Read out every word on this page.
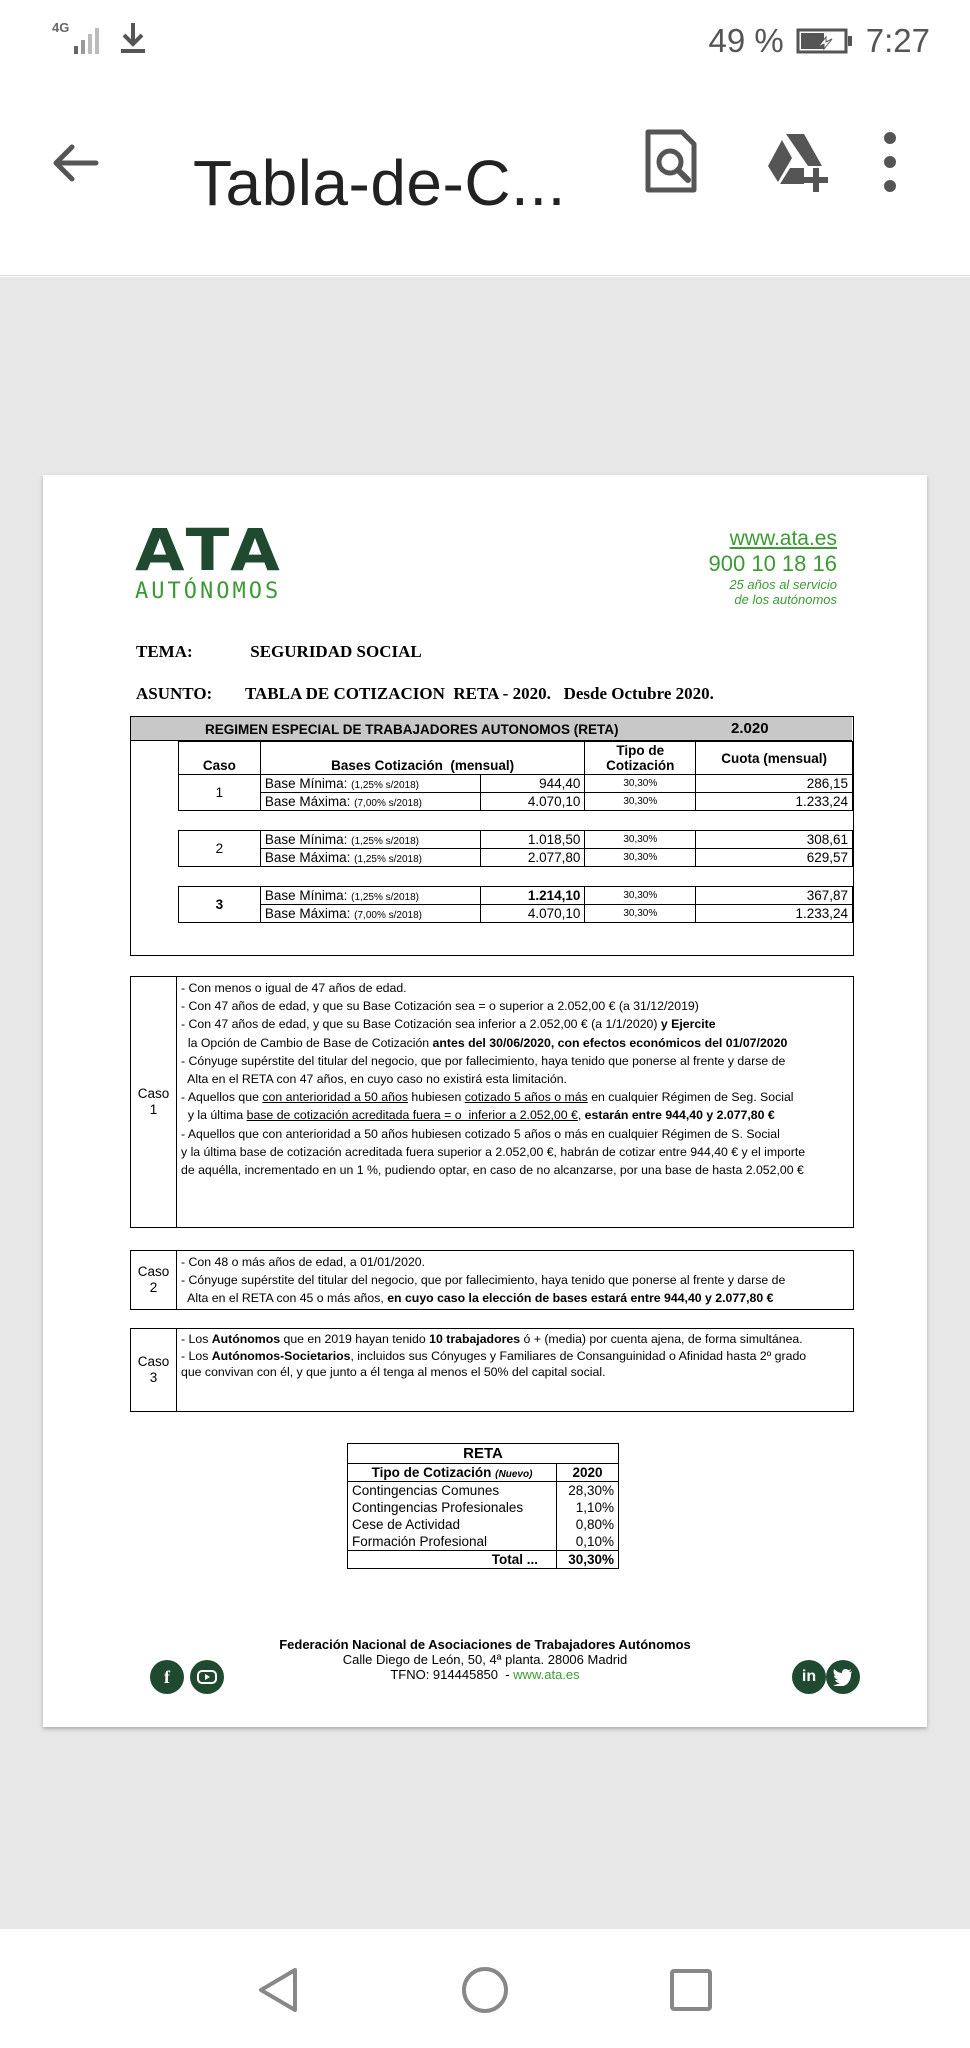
4G	49 % 7:27
Tabla-de-C...
ATA
AUTÓNOMOS
www.ata.es
900 10 18 16
25 años al servicio
de los autónomos
TEMA:	SEGURIDAD SOCIAL
ASUNTO: TABLA DE COTIZACION  RETA - 2020.   Desde Octubre 2020.
REGIMEN ESPECIAL DE TRABAJADORES AUTONOMOS (RETA)	2.020
Caso	Bases Cotización  (mensual)		Tipo de Cotización	Cuota (mensual)
1	Base Mínima: (1,25% s/2018)	944,40	30,30%	286,15
	Base Máxima: (7,00% s/2018)	4.070,10	30,30%	1.233,24

2	Base Mínima: (1,25% s/2018)	1.018,50	30,30%	308,61
	Base Máxima: (1,25% s/2018)	2.077,80	30,30%	629,57

3	Base Mínima: (1,25% s/2018)	1.214,10	30,30%	367,87
	Base Máxima: (7,00% s/2018)	4.070,10	30,30%	1.233,24
Caso 1

- Con menos o igual de 47 años de edad.

- Con 47 años de edad, y que su Base Cotización sea = o superior a 2.052,00 € (a 31/12/2019)

- Con 47 años de edad, y que su Base Cotización sea inferior a 2.052,00 € (a 1/1/2020) y Ejercite

la Opción de Cambio de Base de Cotización antes del 30/06/2020, con efectos económicos del 01/07/2020

- Cónyuge supérstite del titular del negocio, que por fallecimiento, haya tenido que ponerse al frente y darse de

Alta en el RETA con 47 años, en cuyo caso no existirá esta limitación.

- Aquellos que con anterioridad a 50 años hubiesen cotizado 5 años o más en cualquier Régimen de Seg. Social

y la última base de cotización acreditada fuera = o  inferior a 2.052,00 €, estarán entre 944,40 y 2.077,80 €

- Aquellos que con anterioridad a 50 años hubiesen cotizado 5 años o más en cualquier Régimen de S. Social

y la última base de cotización acreditada fuera superior a 2.052,00 €, habrán de cotizar entre 944,40 € y el importe

de aquélla, incrementado en un 1 %, pudiendo optar, en caso de no alcanzarse, por una base de hasta 2.052,00 €

Caso 2

- Con 48 o más años de edad, a 01/01/2020.

- Cónyuge supérstite del titular del negocio, que por fallecimiento, haya tenido que ponerse al frente y darse de

Alta en el RETA con 45 o más años, en cuyo caso la elección de bases estará entre 944,40 y 2.077,80 €

Caso 3

- Los Autónomos que en 2019 hayan tenido 10 trabajadores ó + (media) por cuenta ajena, de forma simultánea.

- Los Autónomos-Societarios, incluidos sus Cónyuges y Familiares de Consanguinidad o Afinidad hasta 2º grado

que convivan con él, y que junto a él tenga al menos el 50% del capital social.

RETA	
Tipo de Cotización (Nuevo)	2020
Contingencias Comunes	28,30%
Contingencias Profesionales	1,10%
Cese de Actividad	0,80%
Formación Profesional	0,10%
Total ...	30,30%
Federación Nacional de Asociaciones de Trabajadores Autónomos
Calle Diego de León, 50, 4ª planta. 28006 Madrid
TFNO: 914445850  - www.ata.es
f	in
